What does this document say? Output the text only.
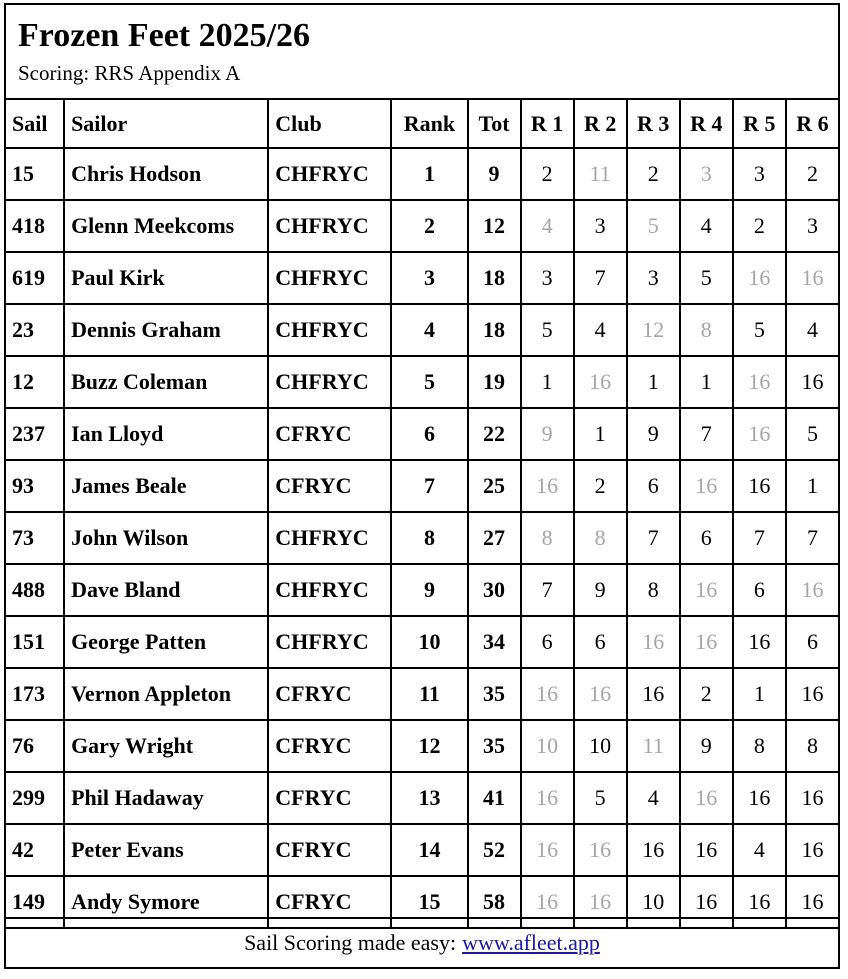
Frozen Feet 2025/26
Scoring: RRS Appendix A
Sail	Sailor	Club	Rank	Tot	R 1	R 2	R 3	R 4	R 5	R 6
15	Chris Hodson	CHFRYC	1	9	2	11	2	3	3	2
418	Glenn Meekcoms	CHFRYC	2	12	4	3	5	4	2	3
619	Paul Kirk	CHFRYC	3	18	3	7	3	5	16	16
23	Dennis Graham	CHFRYC	4	18	5	4	12	8	5	4
12	Buzz Coleman	CHFRYC	5	19	1	16	1	1	16	16
237	Ian Lloyd	CFRYC	6	22	9	1	9	7	16	5
93	James Beale	CFRYC	7	25	16	2	6	16	16	1
73	John Wilson	CHFRYC	8	27	8	8	7	6	7	7
488	Dave Bland	CHFRYC	9	30	7	9	8	16	6	16
151	George Patten	CHFRYC	10	34	6	6	16	16	16	6
173	Vernon Appleton	CFRYC	11	35	16	16	16	2	1	16
76	Gary Wright	CFRYC	12	35	10	10	11	9	8	8
299	Phil Hadaway	CFRYC	13	41	16	5	4	16	16	16
42	Peter Evans	CFRYC	14	52	16	16	16	16	4	16
149	Andy Symore	CFRYC	15	58	16	16	10	16	16	16
Sail Scoring made easy: www.afleet.app
